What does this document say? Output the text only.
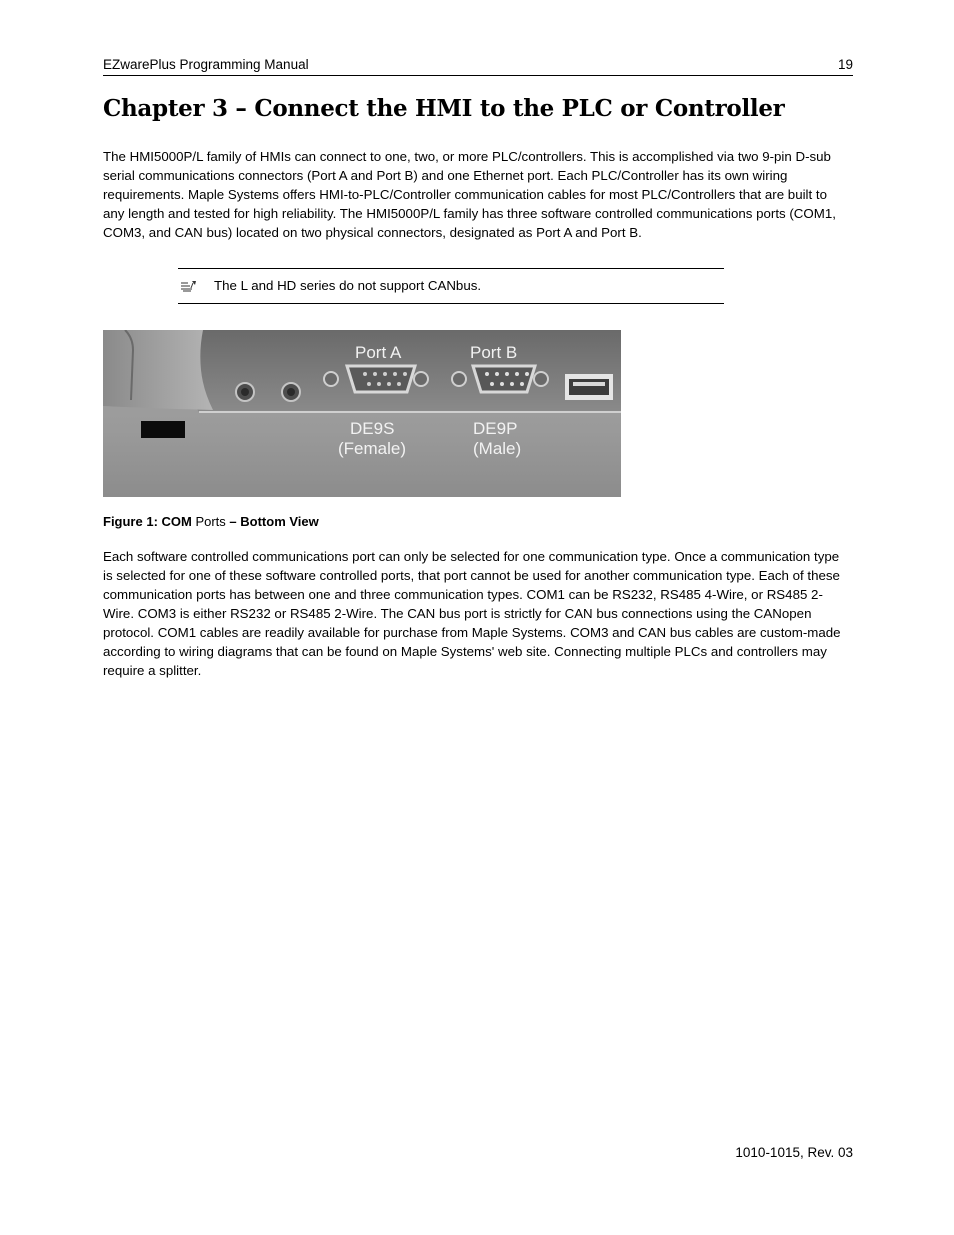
EZwarePlus Programming Manual	19
Chapter 3 – Connect the HMI to the PLC or Controller

The HMI5000P/L family of HMIs can connect to one, two, or more PLC/controllers. This is accomplished via two 9-pin D-sub serial communications connectors (Port A and Port B) and one Ethernet port. Each PLC/Controller has its own wiring requirements. Maple Systems offers HMI-to-PLC/Controller communication cables for most PLC/Controllers that are built to any length and tested for high reliability. The HMI5000P/L family has three software controlled communications ports (COM1, COM3, and CAN bus) located on two physical connectors, designated as Port A and Port B.

The L and HD series do not support CANbus.
Port A	Port B
DE9S
(Female)
DE9P
(Male)
Figure 1: COM Ports – Bottom View

Each software controlled communications port can only be selected for one communication type. Once a communication type is selected for one of these software controlled ports, that port cannot be used for another communication type. Each of these communication ports has between one and three communication types. COM1 can be RS232, RS485 4-Wire, or RS485 2-Wire. COM3 is either RS232 or RS485 2-Wire. The CAN bus port is strictly for CAN bus connections using the CANopen protocol. COM1 cables are readily available for purchase from Maple Systems. COM3 and CAN bus cables are custom-made according to wiring diagrams that can be found on Maple Systems' web site. Connecting multiple PLCs and controllers may require a splitter.

1010-1015, Rev. 03
